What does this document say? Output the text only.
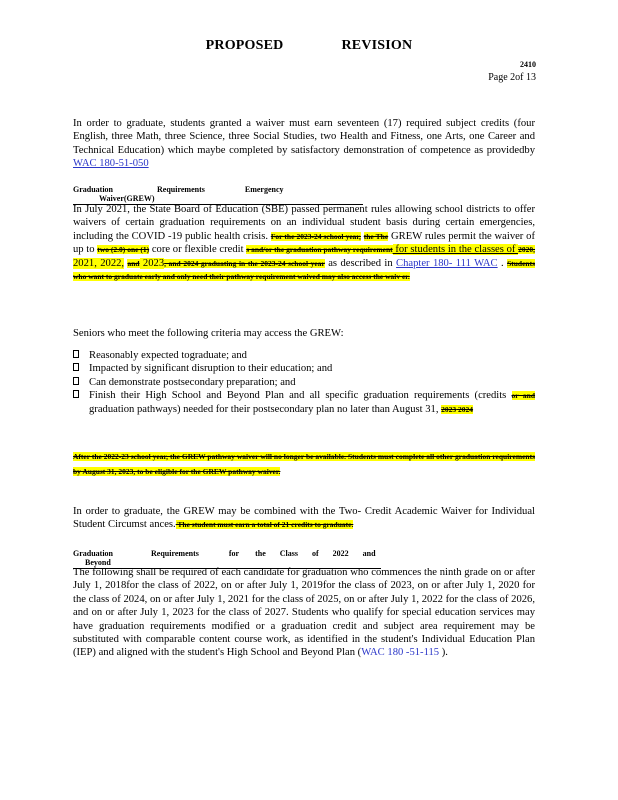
PROPOSED	REVISION
2410
Page 2of 13
In order to graduate, students granted a waiver must earn seventeen (17) required subject credits (four English, three Math, three Science, three Social Studies, two Health and Fitness, one Arts, one Career and Technical Education) which maybe completed by satisfactory demonstration of competence as providedby WAC 180-51-050
Graduation	Requirements	Emergency Waiver(GREW)
In July 2021, the State Board of Education (SBE) passed permanent rules allowing school districts to offer waivers of certain graduation requirements on an individual student basis during certain emergencies, including the COVID -19 public health crisis. For the 2023-24 school year, the The GREW rules permit the waiver of up to two (2.0) one (1) core or flexible credit s and/or the graduation pathway requirement for students in the classes of 2020, 2021, 2022, and 2023, and 2024 graduating in the 2023-24 school year as described in Chapter 180- 111 WAC . Students who want to graduate early and only need their pathway requirement waived may also access the waiv er.
Seniors who meet the following criteria may access the GREW:
Reasonably expected tograduate; and
Impacted by significant disruption to their education; and
Can demonstrate postsecondary preparation; and
Finish their High School and Beyond Plan and all specific graduation requirements (credits or and graduation pathways) needed for their postsecondary plan no later than August 31, 2023 2024
After the 2022-23 school year, the GREW pathway waiver will no longer be available. Students must complete all other graduation requirements by August 31, 2023, to be eligible for the GREW pathway waiver.
In order to graduate, the GREW may be combined with the Two- Credit Academic Waiver for Individual Student Circumst ances. The student must earn a total of 21 credits to graduate.
Graduation	Requirements	for the Class of 2022 and Beyond
The following shall be required of each candidate for graduation who commences the ninth grade on or after July 1, 2018for the class of 2022, on or after July 1, 2019for the class of 2023, on or after July 1, 2020 for the class of 2024, on or after July 1, 2021 for the class of 2025, on or after July 1, 2022 for the class of 2026, and on or after July 1, 2023 for the class of 2027. Students who qualify for special education services may have graduation requirements modified or a graduation credit and subject area requirement may be substituted with comparable content course work, as identified in the student's Individual Education Plan (IEP) and aligned with the student's High School and Beyond Plan (WAC 180 -51-115 ).
